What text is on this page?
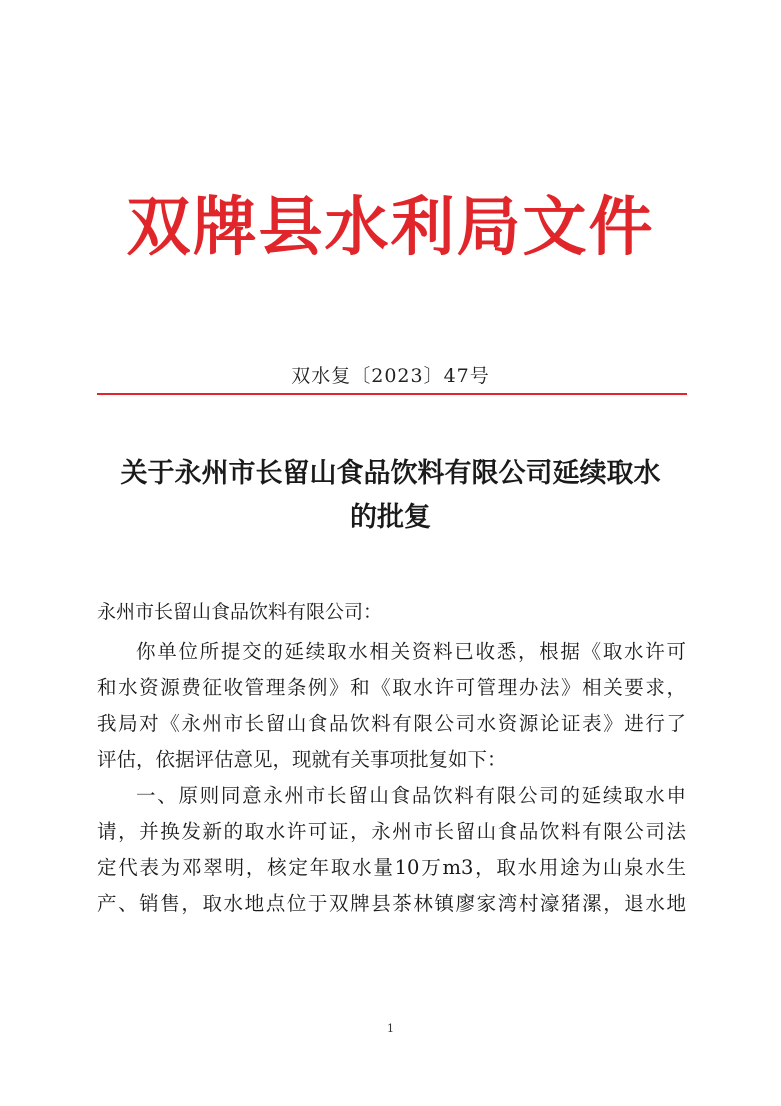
双牌县水利局文件
双水复〔2023〕47号
关于永州市长留山食品饮料有限公司延续取水
的批复
永州市长留山食品饮料有限公司：
你单位所提交的延续取水相关资料已收悉，根据《取水许可
和水资源费征收管理条例》和《取水许可管理办法》相关要求，
我局对《永州市长留山食品饮料有限公司水资源论证表》进行了
评估，依据评估意见，现就有关事项批复如下：
一、原则同意永州市长留山食品饮料有限公司的延续取水申
请，并换发新的取水许可证，永州市长留山食品饮料有限公司法
定代表为邓翠明，核定年取水量10万m3，取水用途为山泉水生
产、销售，取水地点位于双牌县茶林镇廖家湾村濠猪漯，退水地
1
